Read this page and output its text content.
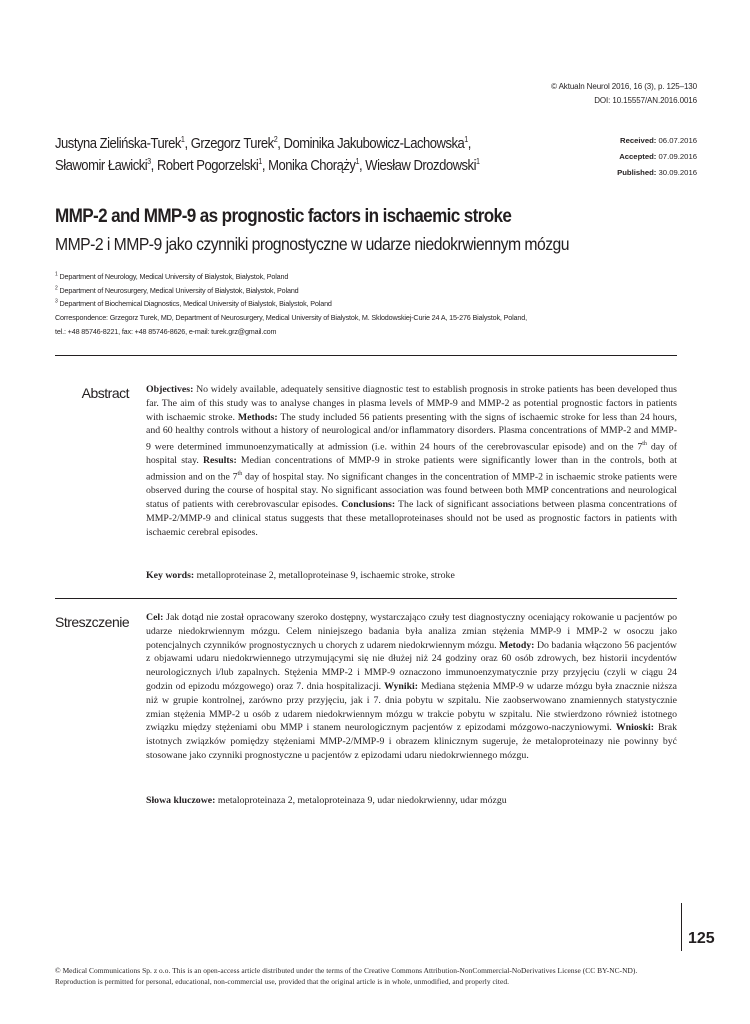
© Aktualn Neurol 2016, 16 (3), p. 125–130
DOI: 10.15557/AN.2016.0016
Justyna Zielińska-Turek$^1$, Grzegorz Turek$^2$, Dominika Jakubowicz-Lachowska$^1$,
Sławomir Ławicki$^3$, Robert Pogorzelski$^1$, Monika Chorąży$^1$, Wiesław Drozdowski$^1$
Received: 06.07.2016
Accepted: 07.09.2016
Published: 30.09.2016
MMP-2 and MMP-9 as prognostic factors in ischaemic stroke
MMP-2 i MMP-9 jako czynniki prognostyczne w udarze niedokrwiennym mózgu
$^1$ Department of Neurology, Medical University of Bialystok, Bialystok, Poland
$^2$ Department of Neurosurgery, Medical University of Bialystok, Bialystok, Poland
$^3$ Department of Biochemical Diagnostics, Medical University of Bialystok, Bialystok, Poland
Correspondence: Grzegorz Turek, MD, Department of Neurosurgery, Medical University of Bialystok, M. Sklodowskiej-Curie 24 A, 15-276 Bialystok, Poland,
tel.: +48 85746-8221, fax: +48 85746-8626, e-mail: turek.grz@gmail.com
Abstract Objectives: No widely available, adequately sensitive diagnostic test to establish prognosis in stroke patients has been developed thus far. The aim of this study was to analyse changes in plasma levels of MMP-9 and MMP-2 as potential prognostic factors in patients with ischaemic stroke. Methods: The study included 56 patients presenting with the signs of ischaemic stroke for less than 24 hours, and 60 healthy controls without a history of neurological and/or inflammatory disorders. Plasma concentrations of MMP-2 and MMP-9 were determined immunoenzymatically at admission (i.e. within 24 hours of the cerebrovascular episode) and on the 7th day of hospital stay. Results: Median concentrations of MMP-9 in stroke patients were significantly lower than in the controls, both at admission and on the 7th day of hospital stay. No significant changes in the concentration of MMP-2 in ischaemic stroke patients were observed during the course of hospital stay. No significant association was found between both MMP concentrations and neurological status of patients with cerebrovascular episodes. Conclusions: The lack of significant associations between plasma concentrations of MMP-2/MMP-9 and clinical status suggests that these metalloproteinases should not be used as prognostic factors in patients with ischaemic cerebral episodes.
Key words: metalloproteinase 2, metalloproteinase 9, ischaemic stroke, stroke
Streszczenie Cel: Jak dotąd nie został opracowany szeroko dostępny, wystarczająco czuły test diagnostyczny oceniający rokowanie u pacjentów po udarze niedokrwiennym mózgu. Celem niniejszego badania była analiza zmian stężenia MMP-9 i MMP-2 w osoczu jako potencjalnych czynników prognostycznych u chorych z udarem niedokrwiennym mózgu. Metody: Do badania włączono 56 pacjentów z objawami udaru niedokrwiennego utrzymującymi się nie dłużej niż 24 godziny oraz 60 osób zdrowych, bez historii incydentów neurologicznych i/lub zapalnych. Stężenia MMP-2 i MMP-9 oznaczono immunoenzymatycznie przy przyjęciu (czyli w ciągu 24 godzin od epizodu mózgowego) oraz 7. dnia hospitalizacji. Wyniki: Mediana stężenia MMP-9 w udarze mózgu była znacznie niższa niż w grupie kontrolnej, zarówno przy przyjęciu, jak i 7. dnia pobytu w szpitalu. Nie zaobserwowano znamiennych statystycznie zmian stężenia MMP-2 u osób z udarem niedokrwiennym mózgu w trakcie pobytu w szpitalu. Nie stwierdzono również istotnego związku między stężeniami obu MMP i stanem neurologicznym pacjentów z epizodami mózgowo-naczyniowymi. Wnioski: Brak istotnych związków pomiędzy stężeniami MMP-2/MMP-9 i obrazem klinicznym sugeruje, że metaloproteinazy nie powinny być stosowane jako czynniki prognostyczne u pacjentów z epizodami udaru niedokrwiennego mózgu.
Słowa kluczowe: metaloproteinaza 2, metaloproteinaza 9, udar niedokrwienny, udar mózgu
125
© Medical Communications Sp. z o.o. This is an open-access article distributed under the terms of the Creative Commons Attribution-NonCommercial-NoDerivatives License (CC BY-NC-ND). Reproduction is permitted for personal, educational, non-commercial use, provided that the original article is in whole, unmodified, and properly cited.
